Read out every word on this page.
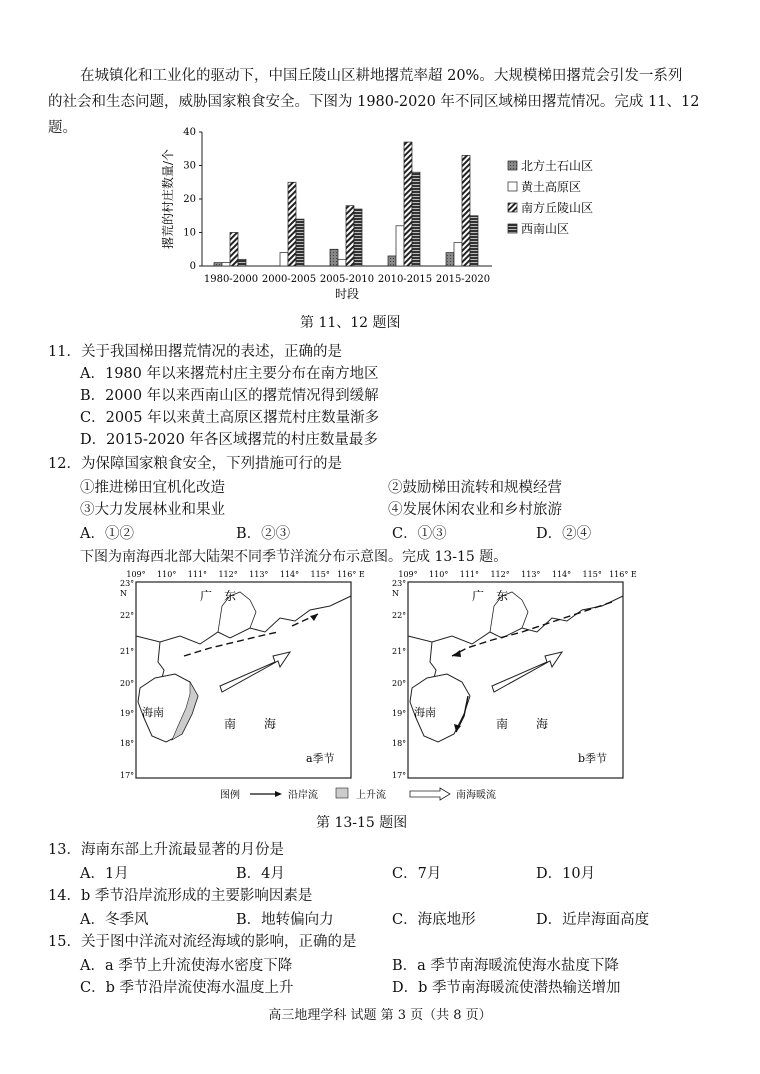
在城镇化和工业化的驱动下，中国丘陵山区耕地撂荒率超 20%。大规模梯田撂荒会引发一系列
的社会和生态问题，威胁国家粮食安全。下图为 1980-2020 年不同区域梯田撂荒情况。完成 11、12
题。
0
10
20
30
40
1980-2000 2000-2005 2005-2010 2010-2015 2015-2020
撂荒的村庄数量/个
时段
北方土石山区
黄土高原区
南方丘陵山区
西南山区
第 11、12 题图
11．关于我国梯田撂荒情况的表述，正确的是
A．1980 年以来撂荒村庄主要分布在南方地区
B．2000 年以来西南山区的撂荒情况得到缓解
C．2005 年以来黄土高原区撂荒村庄数量渐多
D．2015-2020 年各区域撂荒的村庄数量最多
12．为保障国家粮食安全，下列措施可行的是
①推进梯田宜机化改造	②鼓励梯田流转和规模经营
③大力发展林业和果业	④发展休闲农业和乡村旅游
A．①②	B．②③	C．①③	D．②④
下图为南海西北部大陆架不同季节洋流分布示意图。完成 13-15 题。
广　东
海南
南 海
a季节
广　东
海南
南 海
b季节
109° 110° 111° 112° 113° 114° 115° 116° E
23°
N
22°
21°
20°
19°
18°
17°
109° 110° 111° 112° 113° 114° 115° 116° E
23°
N
22°
21°
20°
19°
18°
17°
图例	沿岸流	上升流	南海暖流
第 13-15 题图
13．海南东部上升流最显著的月份是
A．1月	B．4月	C．7月	D．10月
14．b 季节沿岸流形成的主要影响因素是
A．冬季风	B．地转偏向力	C．海底地形	D．近岸海面高度
15．关于图中洋流对流经海域的影响，正确的是
A．a 季节上升流使海水密度下降	B．a 季节南海暖流使海水盐度下降
C．b 季节沿岸流使海水温度上升	D．b 季节南海暖流使潜热输送增加
高三地理学科 试题 第 3 页（共 8 页）
